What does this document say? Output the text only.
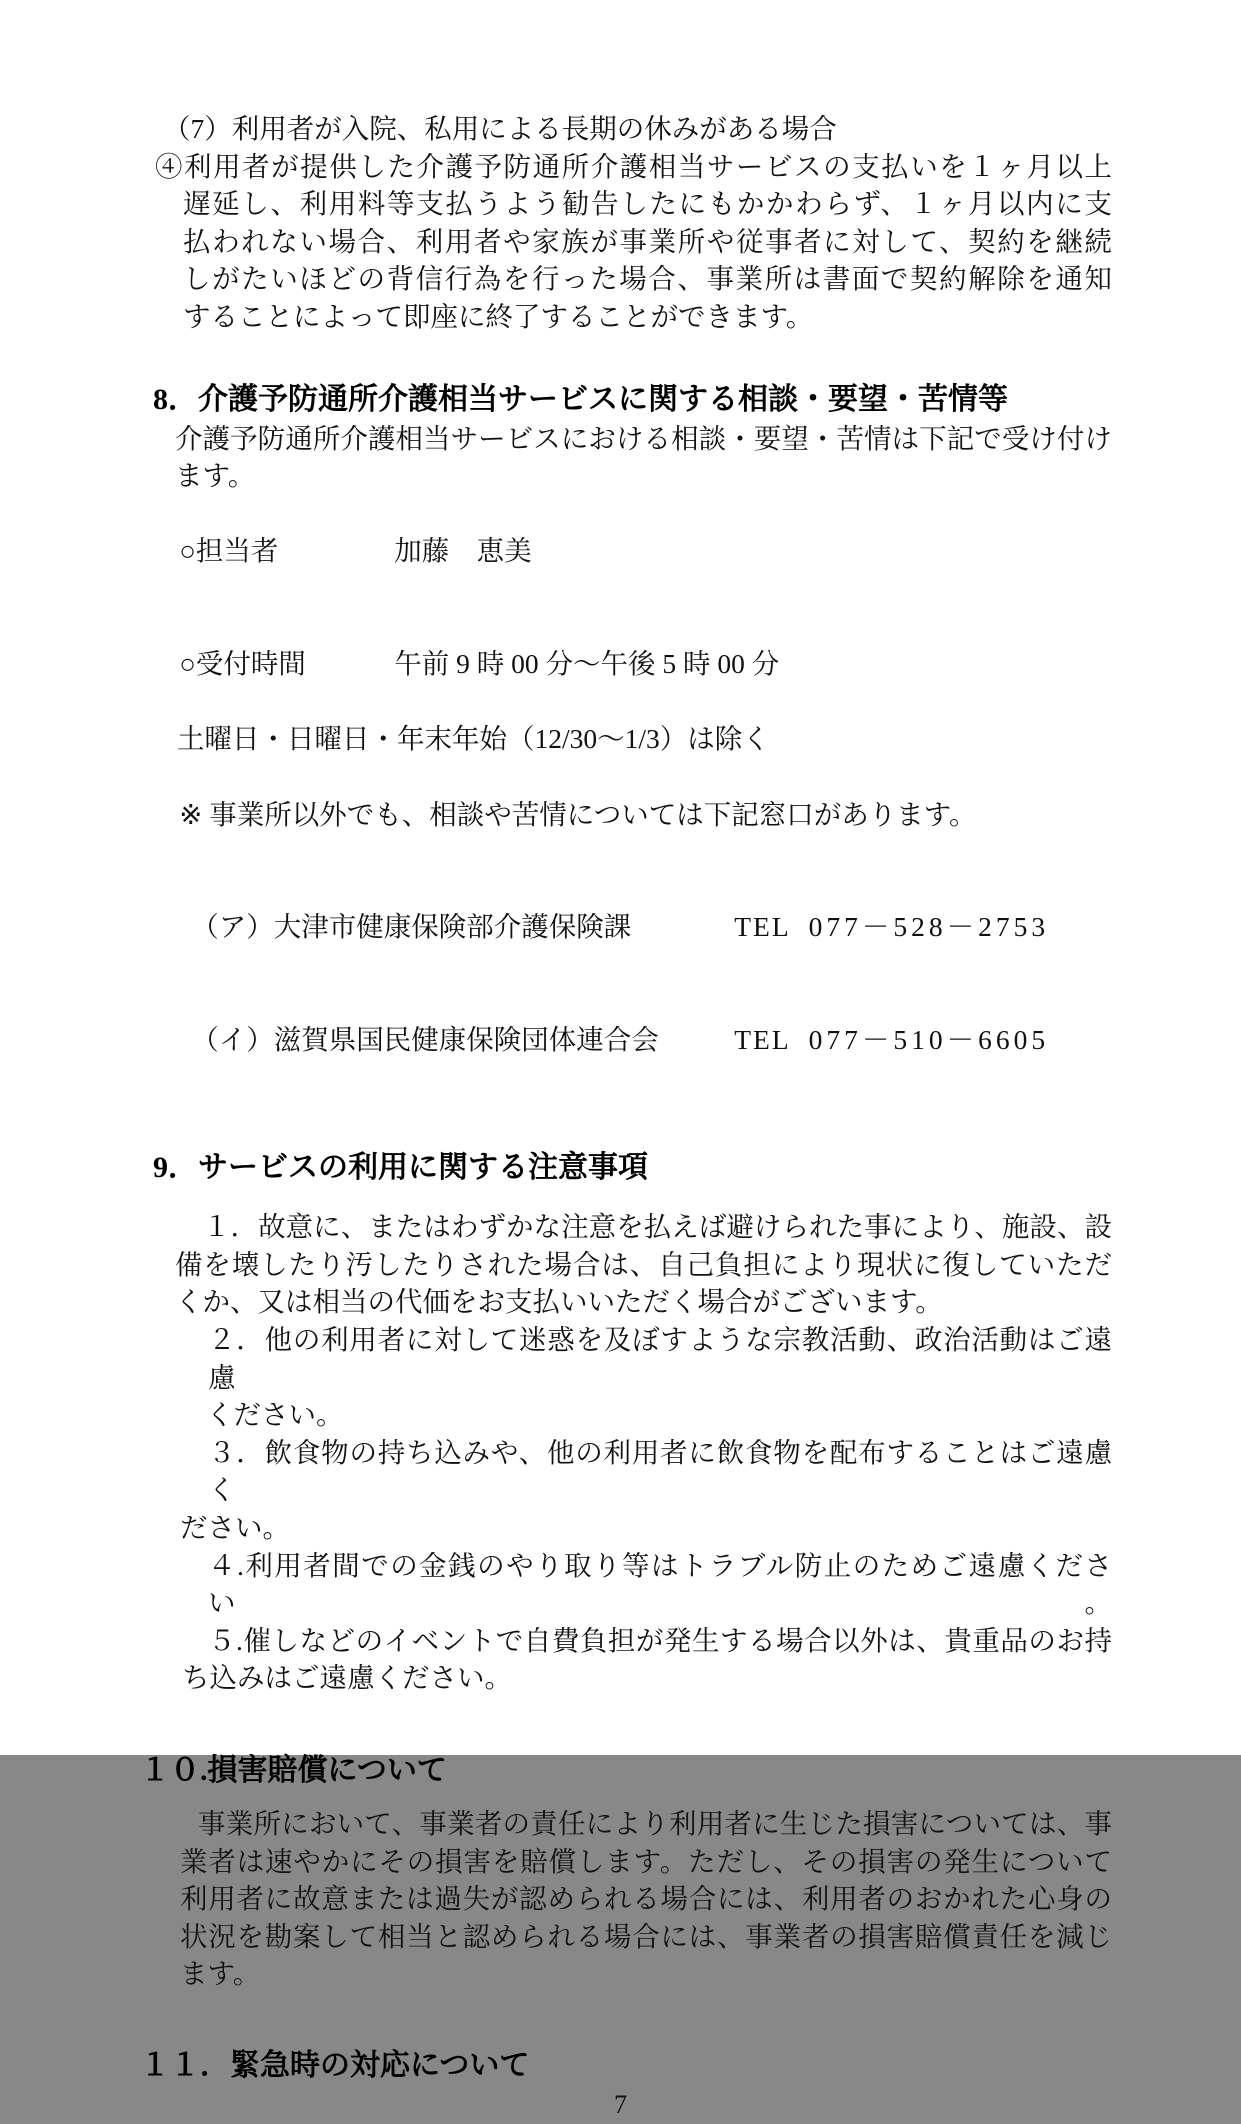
（7）利用者が入院、私用による長期の休みがある場合
④利用者が提供した介護予防通所介護相当サービスの支払いを１ヶ月以上
遅延し、利用料等支払うよう勧告したにもかかわらず、１ヶ月以内に支
払われない場合、利用者や家族が事業所や従事者に対して、契約を継続
しがたいほどの背信行為を行った場合、事業所は書面で契約解除を通知
することによって即座に終了することができます。
8．介護予防通所介護相当サービスに関する相談・要望・苦情等
介護予防通所介護相当サービスにおける相談・要望・苦情は下記で受け付け
ます。

○担当者	加藤　恵美

○受付時間	午前 9 時 00 分～午後 5 時 00 分

土曜日・日曜日・年末年始（12/30～1/3）は除く

※ 事業所以外でも、相談や苦情については下記窓口があります。

（ア）大津市健康保険部介護保険課	TEL 077－528－2753

（イ）滋賀県国民健康保険団体連合会	TEL 077－510－6605

9．サービスの利用に関する注意事項
１．故意に、またはわずかな注意を払えば避けられた事により、施設、設
備を壊したり汚したりされた場合は、自己負担により現状に復していただ
くか、又は相当の代価をお支払いいただく場合がございます。
２．他の利用者に対して迷惑を及ぼすような宗教活動、政治活動はご遠慮
ください。
３．飲食物の持ち込みや、他の利用者に飲食物を配布することはご遠慮く
ださい。
４.利用者間での金銭のやり取り等はトラブル防止のためご遠慮ください。
５.催しなどのイベントで自費負担が発生する場合以外は、貴重品のお持
ち込みはご遠慮ください。
１０.損害賠償について
事業所において、事業者の責任により利用者に生じた損害については、事
業者は速やかにその損害を賠償します。ただし、その損害の発生について
利用者に故意または過失が認められる場合には、利用者のおかれた心身の
状況を勘案して相当と認められる場合には、事業者の損害賠償責任を減じ
ます。
１１．緊急時の対応について
7
